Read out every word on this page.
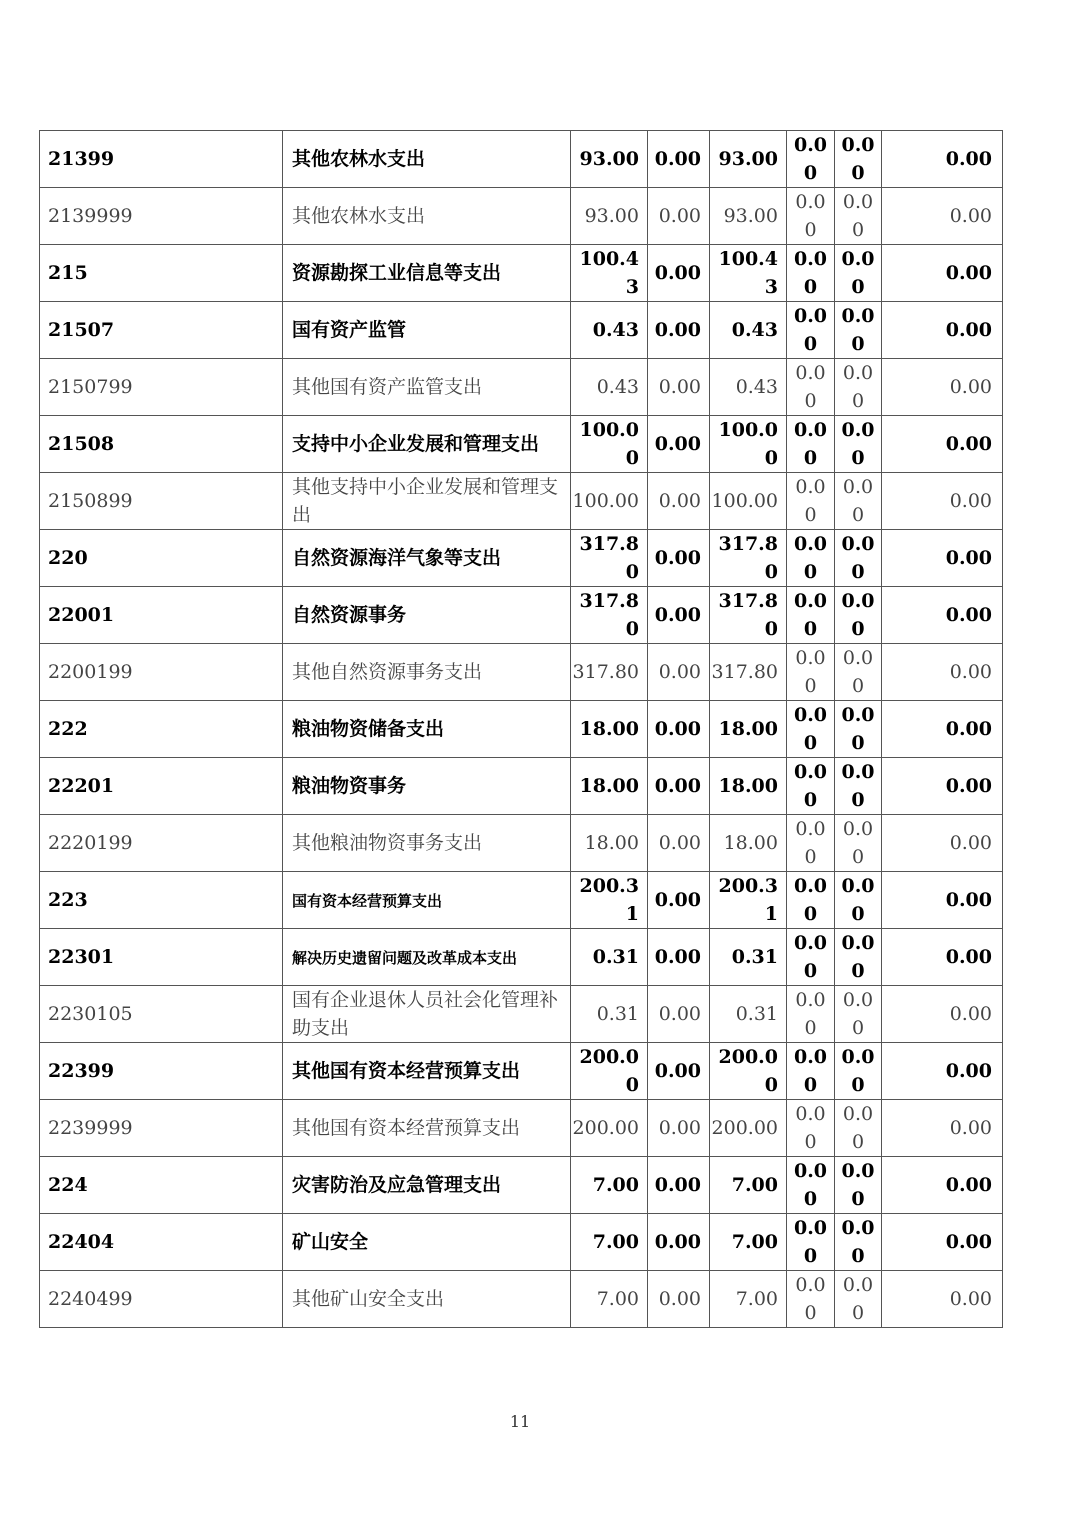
21399	其他农林水支出	93.00	0.00	93.00	0.00	0.00	0.00
2139999	其他农林水支出	93.00	0.00	93.00	0.00	0.00	0.00
215	资源勘探工业信息等支出	100.43	0.00	100.43	0.00	0.00	0.00
21507	国有资产监管	0.43	0.00	0.43	0.00	0.00	0.00
2150799	其他国有资产监管支出	0.43	0.00	0.43	0.00	0.00	0.00
21508	支持中小企业发展和管理支出	100.00	0.00	100.00	0.00	0.00	0.00
2150899	其他支持中小企业发展和管理支出	100.00	0.00	100.00	0.00	0.00	0.00
220	自然资源海洋气象等支出	317.80	0.00	317.80	0.00	0.00	0.00
22001	自然资源事务	317.80	0.00	317.80	0.00	0.00	0.00
2200199	其他自然资源事务支出	317.80	0.00	317.80	0.00	0.00	0.00
222	粮油物资储备支出	18.00	0.00	18.00	0.00	0.00	0.00
22201	粮油物资事务	18.00	0.00	18.00	0.00	0.00	0.00
2220199	其他粮油物资事务支出	18.00	0.00	18.00	0.00	0.00	0.00
223	国有资本经营预算支出	200.31	0.00	200.31	0.00	0.00	0.00
22301	解决历史遗留问题及改革成本支出	0.31	0.00	0.31	0.00	0.00	0.00
2230105	国有企业退休人员社会化管理补助支出	0.31	0.00	0.31	0.00	0.00	0.00
22399	其他国有资本经营预算支出	200.00	0.00	200.00	0.00	0.00	0.00
2239999	其他国有资本经营预算支出	200.00	0.00	200.00	0.00	0.00	0.00
224	灾害防治及应急管理支出	7.00	0.00	7.00	0.00	0.00	0.00
22404	矿山安全	7.00	0.00	7.00	0.00	0.00	0.00
2240499	其他矿山安全支出	7.00	0.00	7.00	0.00	0.00	0.00
11
